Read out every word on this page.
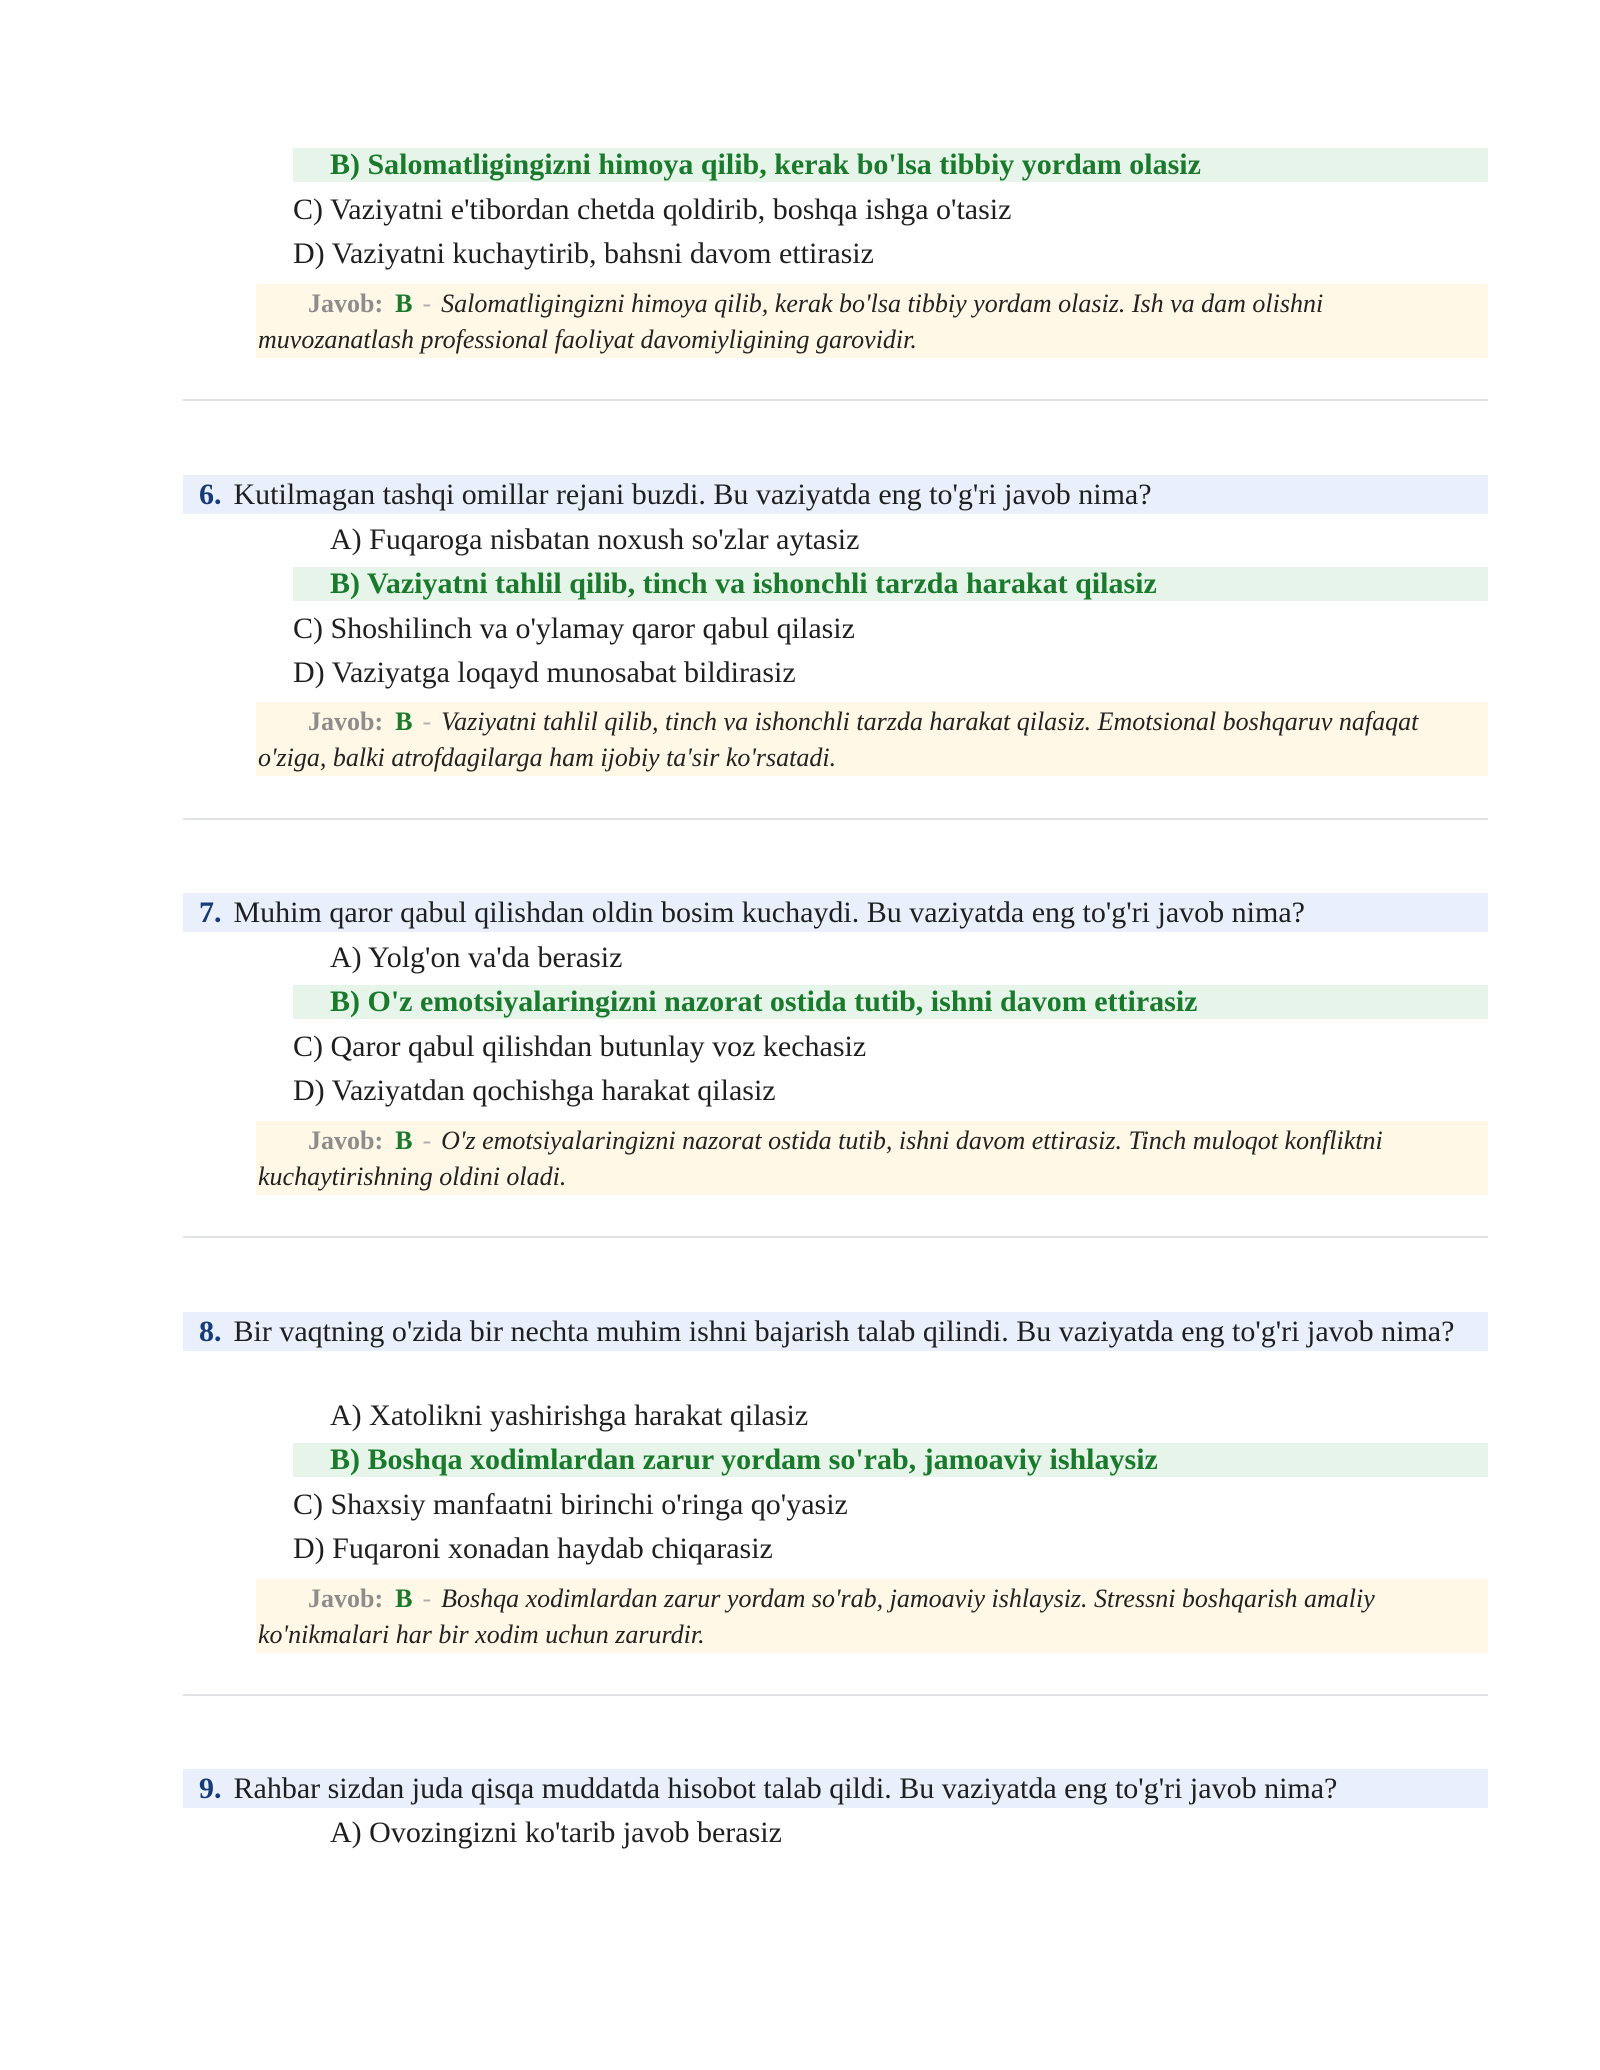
B) Salomatligingizni himoya qilib, kerak bo'lsa tibbiy yordam olasiz
C) Vaziyatni e'tibordan chetda qoldirib, boshqa ishga o'tasiz
D) Vaziyatni kuchaytirib, bahsni davom ettirasiz
Javob: B - Salomatligingizni himoya qilib, kerak bo'lsa tibbiy yordam olasiz. Ish va dam olishni muvozanatlash professional faoliyat davomiyligining garovidir.
6. Kutilmagan tashqi omillar rejani buzdi. Bu vaziyatda eng to'g'ri javob nima?
A) Fuqaroga nisbatan noxush so'zlar aytasiz
B) Vaziyatni tahlil qilib, tinch va ishonchli tarzda harakat qilasiz
C) Shoshilinch va o'ylamay qaror qabul qilasiz
D) Vaziyatga loqayd munosabat bildirasiz
Javob: B - Vaziyatni tahlil qilib, tinch va ishonchli tarzda harakat qilasiz. Emotsional boshqaruv nafaqat o'ziga, balki atrofdagilarga ham ijobiy ta'sir ko'rsatadi.
7. Muhim qaror qabul qilishdan oldin bosim kuchaydi. Bu vaziyatda eng to'g'ri javob nima?
A) Yolg'on va'da berasiz
B) O'z emotsiyalaringizni nazorat ostida tutib, ishni davom ettirasiz
C) Qaror qabul qilishdan butunlay voz kechasiz
D) Vaziyatdan qochishga harakat qilasiz
Javob: B - O'z emotsiyalaringizni nazorat ostida tutib, ishni davom ettirasiz. Tinch muloqot konfliktni kuchaytirishning oldini oladi.
8. Bir vaqtning o'zida bir nechta muhim ishni bajarish talab qilindi. Bu vaziyatda eng to'g'ri javob nima?
A) Xatolikni yashirishga harakat qilasiz
B) Boshqa xodimlardan zarur yordam so'rab, jamoaviy ishlaysiz
C) Shaxsiy manfaatni birinchi o'ringa qo'yasiz
D) Fuqaroni xonadan haydab chiqarasiz
Javob: B - Boshqa xodimlardan zarur yordam so'rab, jamoaviy ishlaysiz. Stressni boshqarish amaliy ko'nikmalari har bir xodim uchun zarurdir.
9. Rahbar sizdan juda qisqa muddatda hisobot talab qildi. Bu vaziyatda eng to'g'ri javob nima?
A) Ovozingizni ko'tarib javob berasiz
